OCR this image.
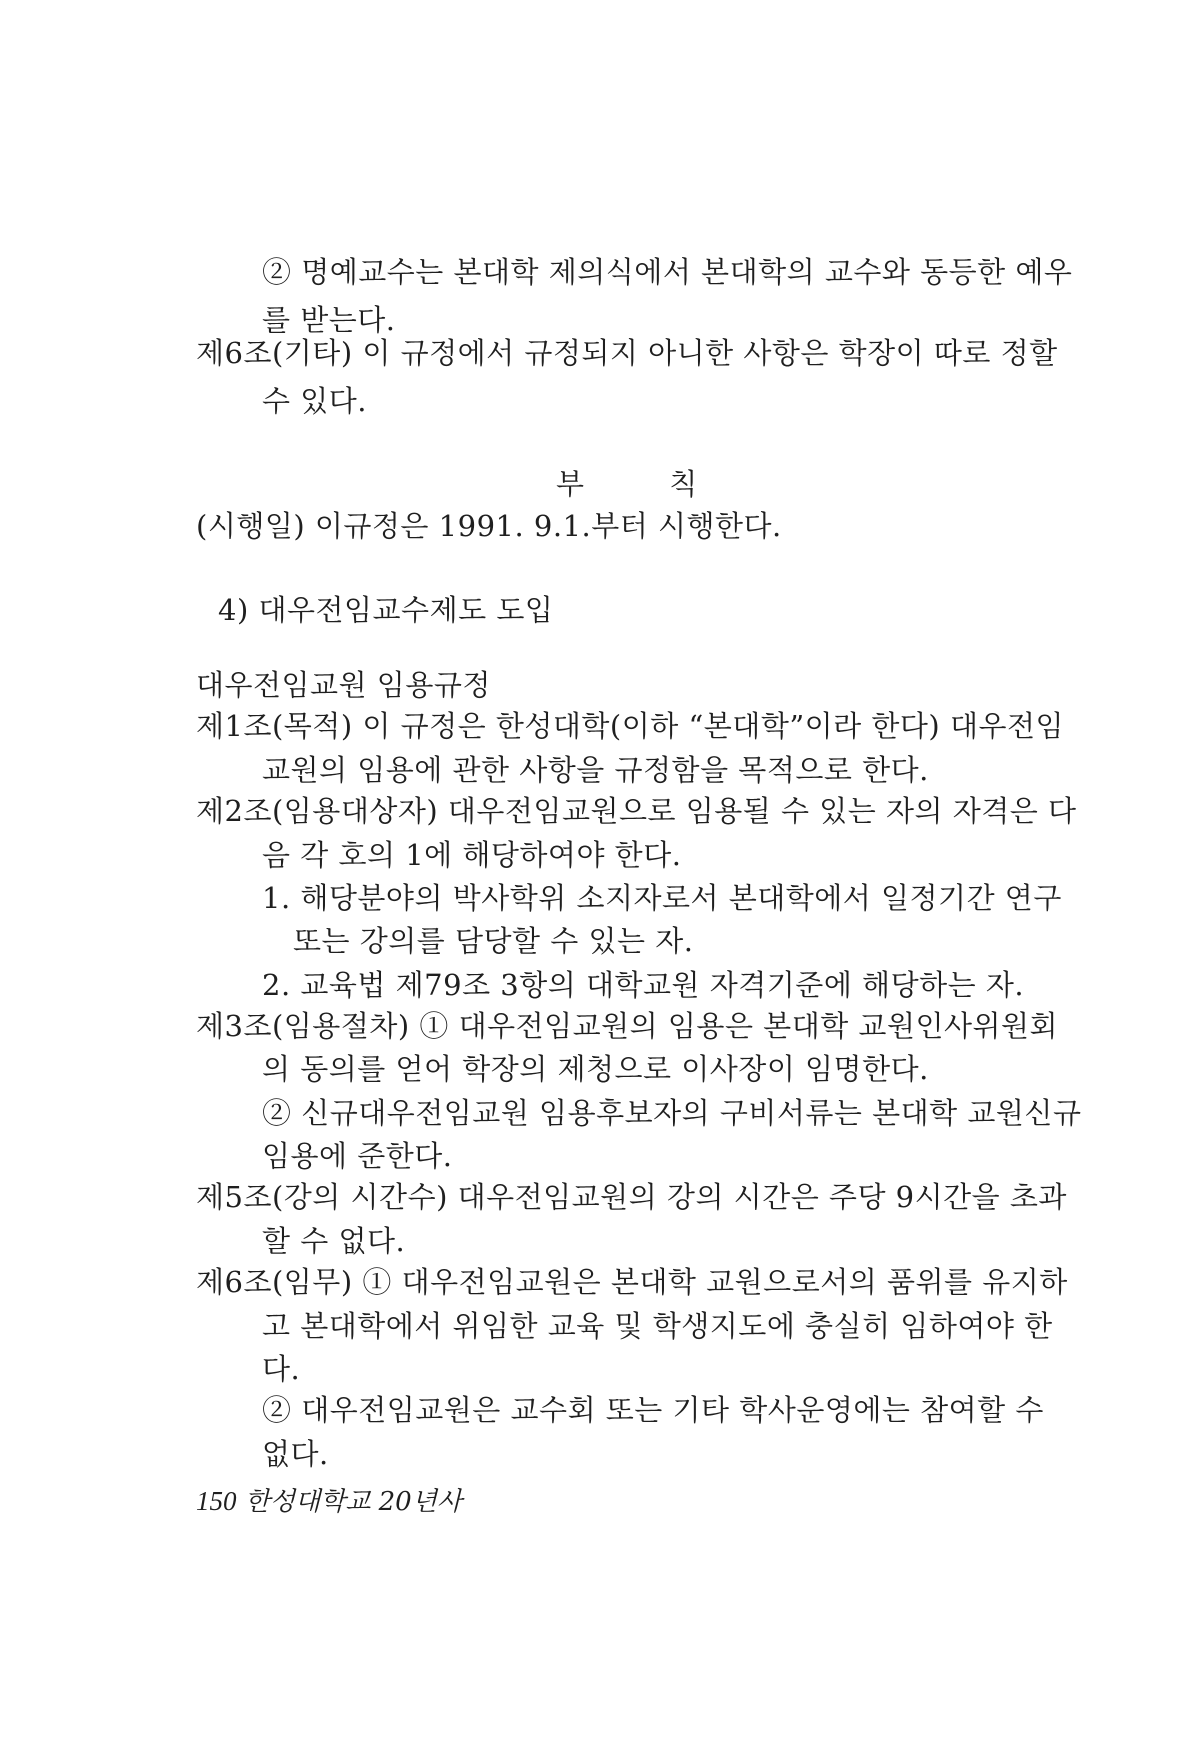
② 명예교수는 본대학 제의식에서 본대학의 교수와 동등한 예우
를 받는다.
제6조(기타) 이 규정에서 규정되지 아니한 사항은 학장이 따로 정할
수 있다.
부 칙
(시행일) 이규정은 1991. 9.1.부터 시행한다.
4) 대우전임교수제도 도입
대우전임교원 임용규정
제1조(목적) 이 규정은 한성대학(이하 “본대학”이라 한다) 대우전임
교원의 임용에 관한 사항을 규정함을 목적으로 한다.
제2조(임용대상자) 대우전임교원으로 임용될 수 있는 자의 자격은 다
음 각 호의 1에 해당하여야 한다.
1. 해당분야의 박사학위 소지자로서 본대학에서 일정기간 연구
또는 강의를 담당할 수 있는 자.
2. 교육법 제79조 3항의 대학교원 자격기준에 해당하는 자.
제3조(임용절차) ① 대우전임교원의 임용은 본대학 교원인사위원회
의 동의를 얻어 학장의 제청으로 이사장이 임명한다.
② 신규대우전임교원 임용후보자의 구비서류는 본대학 교원신규
임용에 준한다.
제5조(강의 시간수) 대우전임교원의 강의 시간은 주당 9시간을 초과
할 수 없다.
제6조(임무) ① 대우전임교원은 본대학 교원으로서의 품위를 유지하
고 본대학에서 위임한 교육 및 학생지도에 충실히 임하여야 한
다.
② 대우전임교원은 교수회 또는 기타 학사운영에는 참여할 수
없다.
150 한성대학교 20년사
